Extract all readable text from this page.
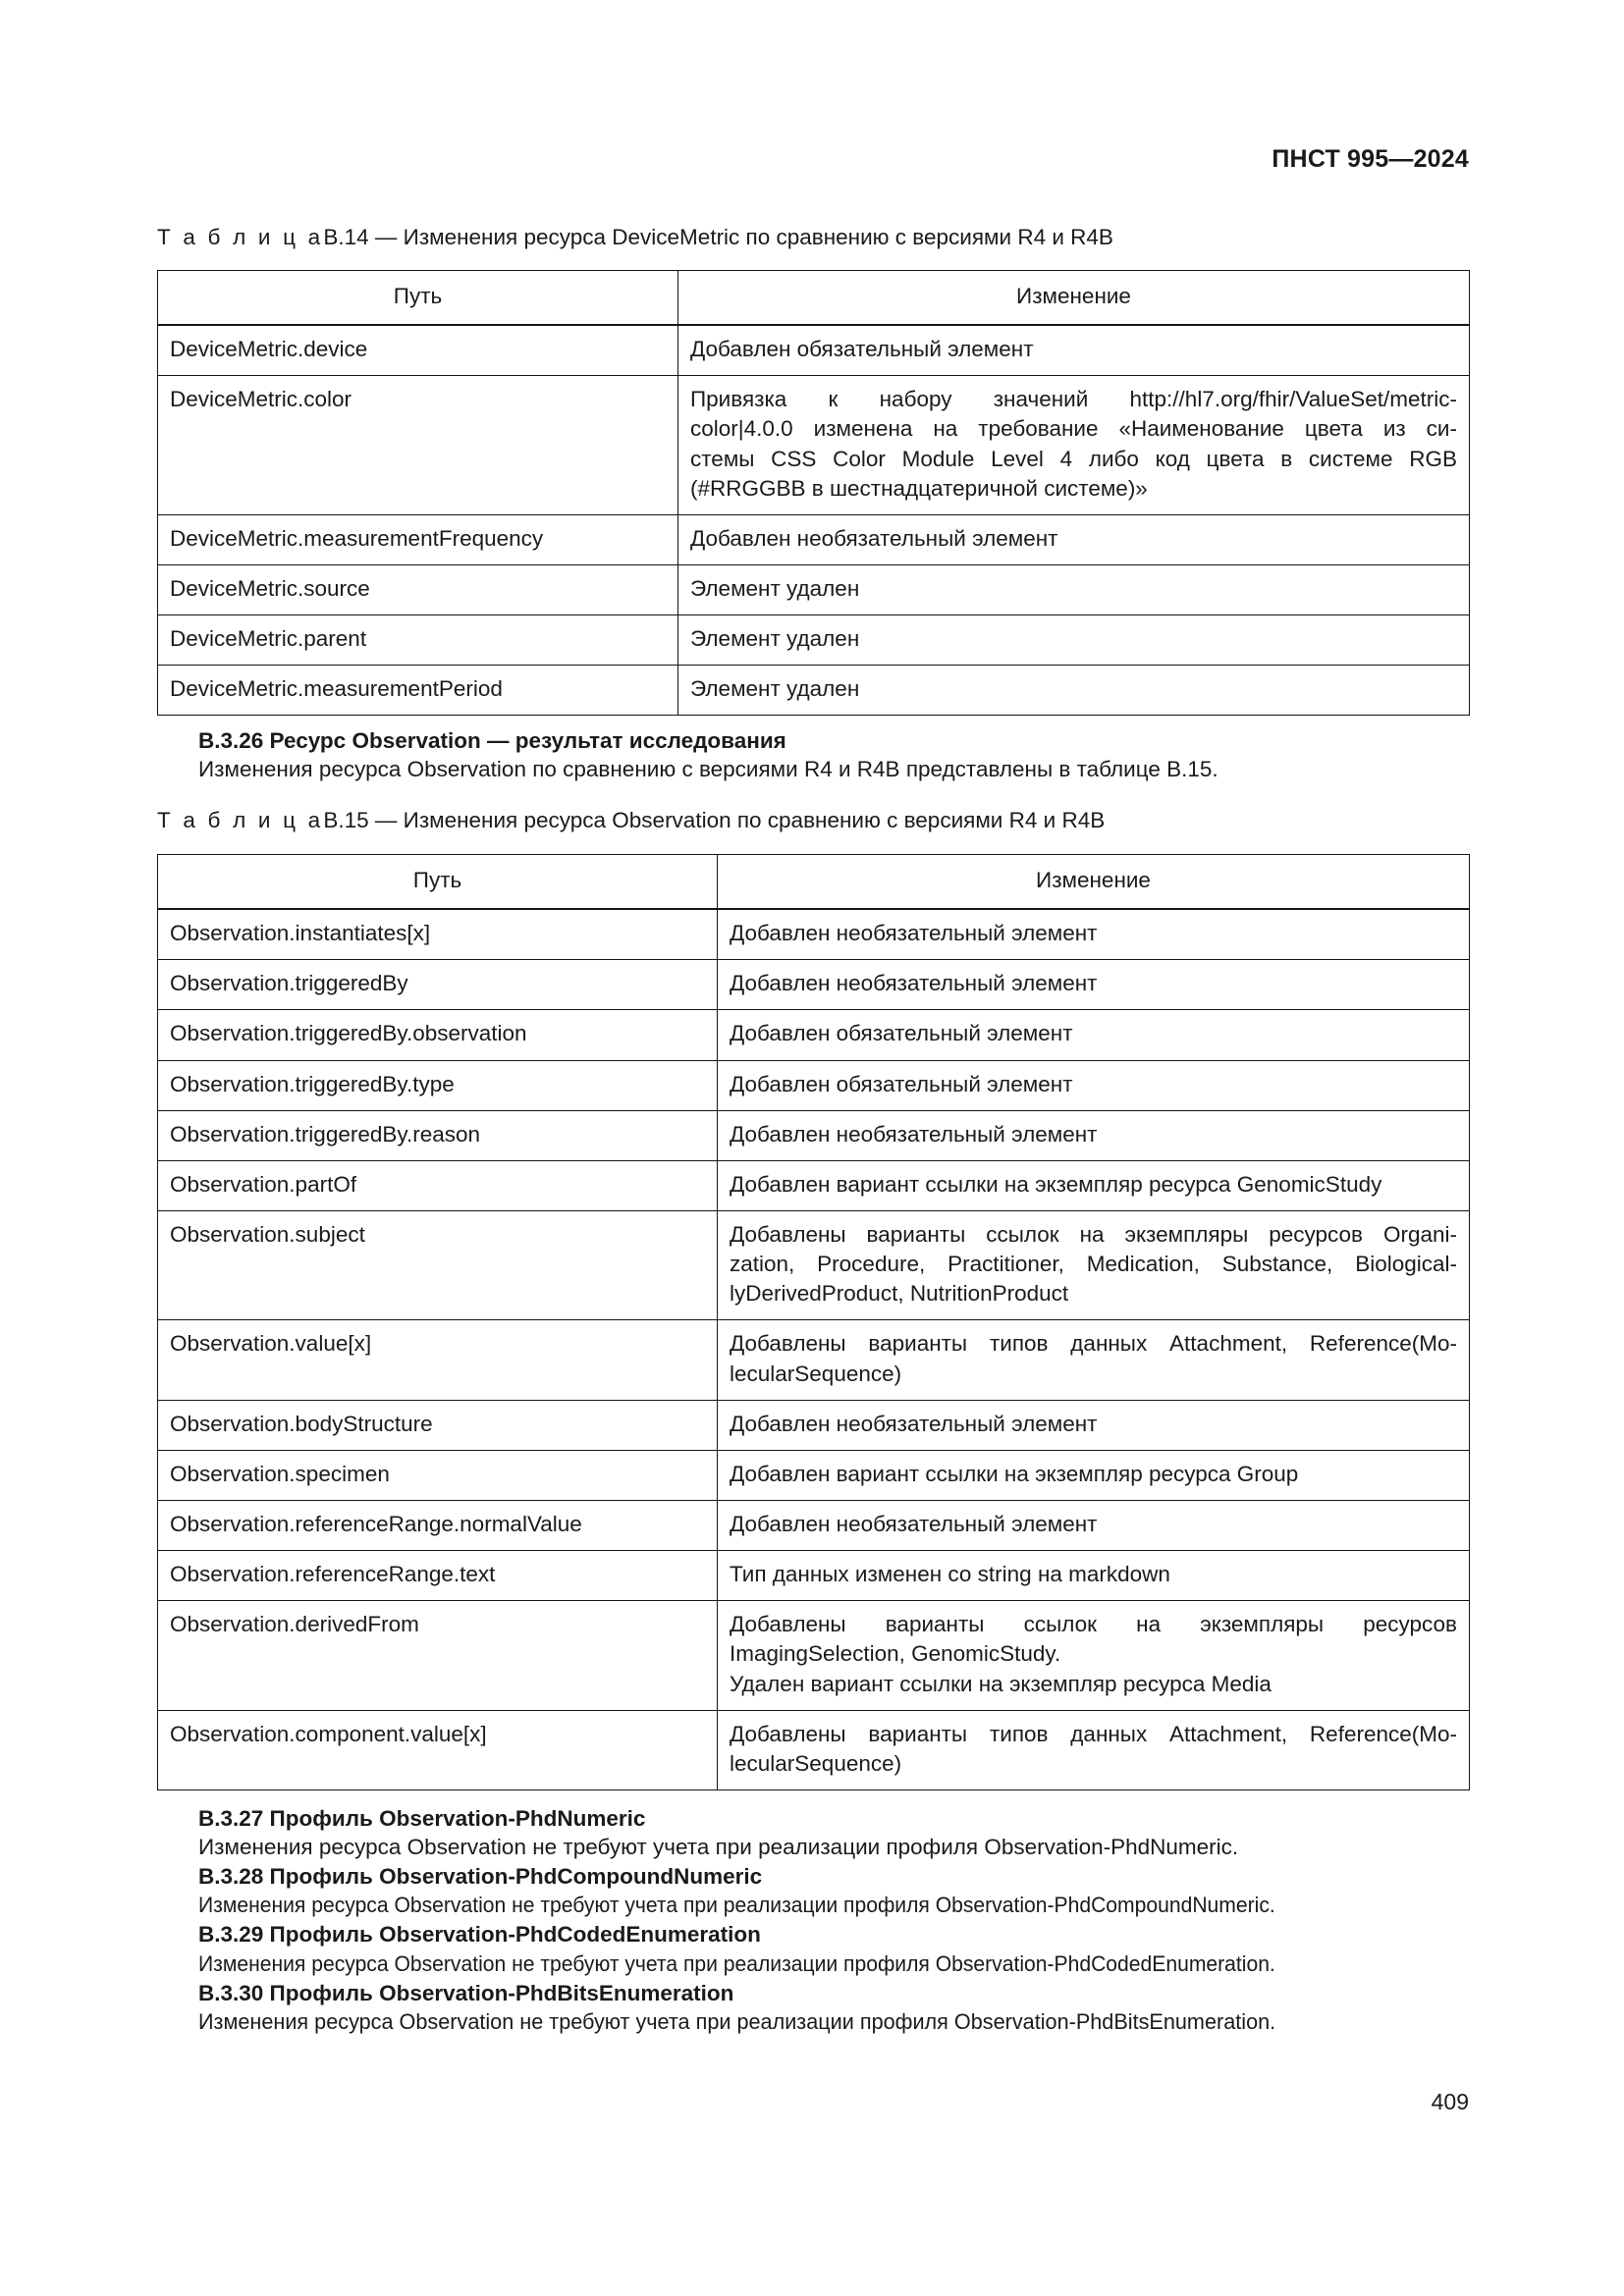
ПНСТ 995—2024
Т а б л и ц аB.14 — Изменения ресурса DeviceMetric по сравнению с версиями R4 и R4B
Путь	Изменение
DeviceMetric.device	Добавлен обязательный элемент
DeviceMetric.color	Привязка к набору значений http://hl7.org/fhir/ValueSet/metric-
color|4.0.0 изменена на требование «Наименование цвета из си-
стемы CSS Color Module Level 4 либо код цвета в системе RGB
(#RRGGBB в шестнадцатеричной системе)»

DeviceMetric.measurementFrequency	Добавлен необязательный элемент
DeviceMetric.source	Элемент удален
DeviceMetric.parent	Элемент удален
DeviceMetric.measurementPeriod	Элемент удален
B.3.26 Ресурс Observation — результат исследования
Изменения ресурса Observation по сравнению с версиями R4 и R4B представлены в таблице B.15.
Т а б л и ц аB.15 — Изменения ресурса Observation по сравнению с версиями R4 и R4B
Путь	Изменение
Observation.instantiates[x]	Добавлен необязательный элемент
Observation.triggeredBy	Добавлен необязательный элемент
Observation.triggeredBy.observation	Добавлен обязательный элемент
Observation.triggeredBy.type	Добавлен обязательный элемент
Observation.triggeredBy.reason	Добавлен необязательный элемент
Observation.partOf	Добавлен вариант ссылки на экземпляр ресурса GenomicStudy
Observation.subject	Добавлены варианты ссылок на экземпляры ресурсов Organi-
zation, Procedure, Practitioner, Medication, Substance, Biological-
lyDerivedProduct, NutritionProduct

Observation.value[x]	Добавлены варианты типов данных Attachment, Reference(Mo-
lecularSequence)

Observation.bodyStructure	Добавлен необязательный элемент
Observation.specimen	Добавлен вариант ссылки на экземпляр ресурса Group
Observation.referenceRange.normalValue	Добавлен необязательный элемент
Observation.referenceRange.text	Тип данных изменен со string на markdown
Observation.derivedFrom	Добавлены варианты ссылок на экземпляры ресурсов
ImagingSelection, GenomicStudy.
Удален вариант ссылки на экземпляр ресурса Media

Observation.component.value[x]	Добавлены варианты типов данных Attachment, Reference(Mo-
lecularSequence)
B.3.27 Профиль Observation-PhdNumeric
Изменения ресурса Observation не требуют учета при реализации профиля Observation-PhdNumeric.
B.3.28 Профиль Observation-PhdCompoundNumeric
Изменения ресурса Observation не требуют учета при реализации профиля Observation-PhdCompoundNumeric.
B.3.29 Профиль Observation-PhdCodedEnumeration
Изменения ресурса Observation не требуют учета при реализации профиля Observation-PhdCodedEnumeration.
B.3.30 Профиль Observation-PhdBitsEnumeration
Изменения ресурса Observation не требуют учета при реализации профиля Observation-PhdBitsEnumeration.
409
